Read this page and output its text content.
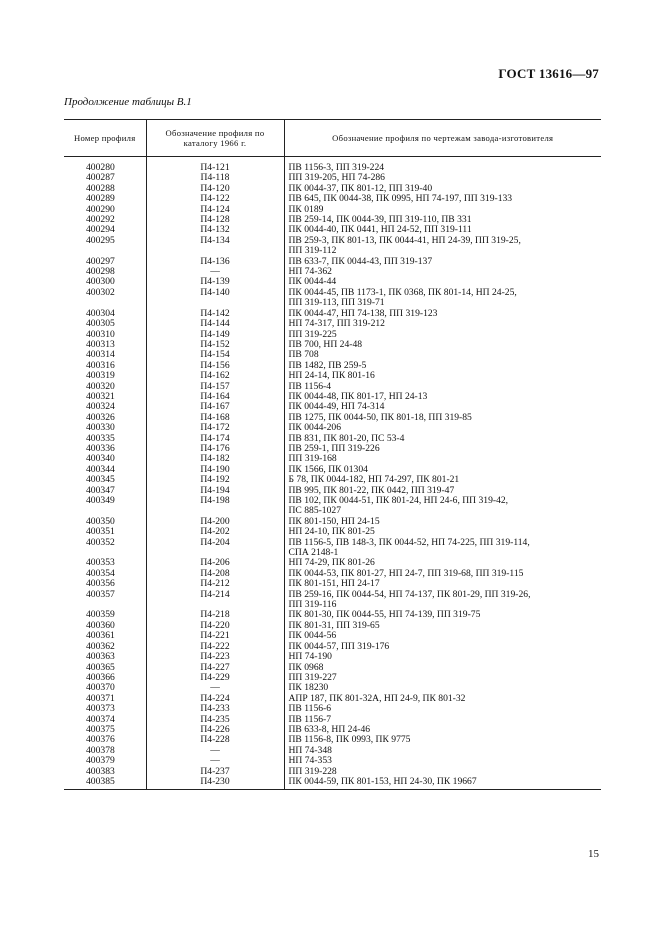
ГОСТ 13616—97
Продолжение таблицы В.1
Номер профиля	Обозначение профиля по каталогу 1966 г.	Обозначение профиля по чертежам завода-изготовителя
400280	П4-121	ПВ 1156-3, ПП 319-224

400287	П4-118	ПП 319-205, НП 74-286

400288	П4-120	ПК 0044-37, ПК 801-12, ПП 319-40

400289	П4-122	ПВ 645, ПК 0044-38, ПК 0995, НП 74-197, ПП 319-133

400290	П4-124	ПК 0189

400292	П4-128	ПВ 259-14, ПК 0044-39, ПП 319-110, ПВ 331

400294	П4-132	ПК 0044-40, ПК 0441, НП 24-52, ПП 319-111

400295	П4-134	ПВ 259-3, ПК 801-13, ПК 0044-41, НП 24-39, ПП 319-25,
ПП 319-112

400297	П4-136	ПВ 633-7, ПК 0044-43, ПП 319-137

400298	—	НП 74-362

400300	П4-139	ПК 0044-44

400302	П4-140	ПК 0044-45, ПВ 1173-1, ПК 0368, ПК 801-14, НП 24-25,
ПП 319-113, ПП 319-71

400304	П4-142	ПК 0044-47, НП 74-138, ПП 319-123

400305	П4-144	НП 74-317, ПП 319-212

400310	П4-149	ПП 319-225

400313	П4-152	ПВ 700, НП 24-48

400314	П4-154	ПВ 708

400316	П4-156	ПВ 1482, ПВ 259-5

400319	П4-162	НП 24-14, ПК 801-16

400320	П4-157	ПВ 1156-4

400321	П4-164	ПК 0044-48, ПК 801-17, НП 24-13

400324	П4-167	ПК 0044-49, НП 74-314

400326	П4-168	ПВ 1275, ПК 0044-50, ПК 801-18, ПП 319-85

400330	П4-172	ПК 0044-206

400335	П4-174	ПВ 831, ПК 801-20, ПС 53-4

400336	П4-176	ПВ 259-1, ПП 319-226

400340	П4-182	ПП 319-168

400344	П4-190	ПК 1566, ПК 01304

400345	П4-192	Б 78, ПК 0044-182, НП 74-297, ПК 801-21

400347	П4-194	ПВ 995, ПК 801-22, ПК 0442, ПП 319-47

400349	П4-198	ПВ 102, ПК 0044-51, ПК 801-24, НП 24-6, ПП 319-42,
ПС 885-1027

400350	П4-200	ПК 801-150, НП 24-15

400351	П4-202	НП 24-10, ПК 801-25

400352	П4-204	ПВ 1156-5, ПВ 148-3, ПК 0044-52, НП 74-225, ПП 319-114,
СПА 2148-1

400353	П4-206	НП 74-29, ПК 801-26

400354	П4-208	ПК 0044-53, ПК 801-27, НП 24-7, ПП 319-68, ПП 319-115

400356	П4-212	ПК 801-151, НП 24-17

400357	П4-214	ПВ 259-16, ПК 0044-54, НП 74-137, ПК 801-29, ПП 319-26,
ПП 319-116

400359	П4-218	ПК 801-30, ПК 0044-55, НП 74-139, ПП 319-75

400360	П4-220	ПК 801-31, ПП 319-65

400361	П4-221	ПК 0044-56

400362	П4-222	ПК 0044-57, ПП 319-176

400363	П4-223	НП 74-190

400365	П4-227	ПК 0968

400366	П4-229	ПП 319-227

400370	—	ПК 18230

400371	П4-224	АПР 187, ПК 801-32А, НП 24-9, ПК 801-32

400373	П4-233	ПВ 1156-6

400374	П4-235	ПВ 1156-7

400375	П4-226	ПВ 633-8, НП 24-46

400376	П4-228	ПВ 1156-8, ПК 0993, ПК 9775

400378	—	НП 74-348

400379	—	НП 74-353

400383	П4-237	ПП 319-228

400385	П4-230	ПК 0044-59, ПК 801-153, НП 24-30, ПК 19667
15
